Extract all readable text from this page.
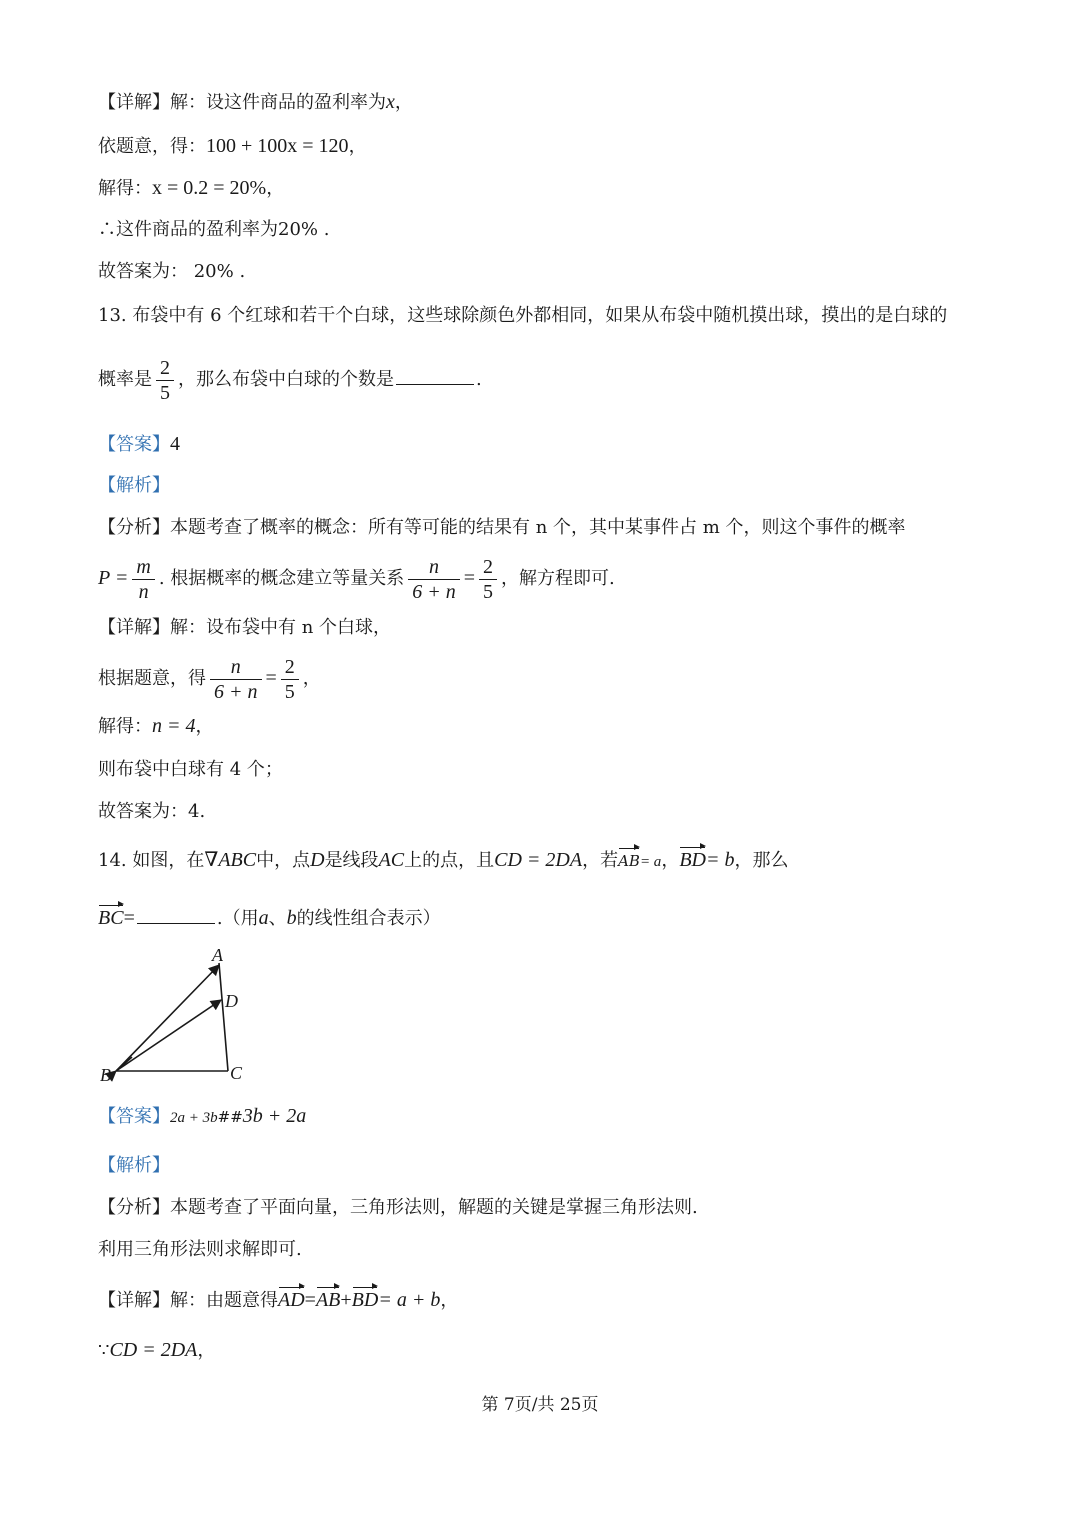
【详解】解：设这件商品的盈利率为x，
依题意，得：100 + 100x = 120，
解得：x = 0.2 = 20%，
∴这件商品的盈利率为20% .
故答案为： 20% .
13. 布袋中有 6 个红球和若干个白球，这些球除颜色外都相同，如果从布袋中随机摸出球，摸出的是白球的
概率是 $\frac{2}{5}$ ，那么布袋中白球的个数是	.
【答案】4
【解析】
【分析】本题考查了概率的概念：所有等可能的结果有 n 个，其中某事件占 m 个，则这个事件的概率
$P = \frac{m}{n}$ . 根据概率的概念建立等量关系 $\frac{n}{6 + n} = \frac{2}{5}$ ，解方程即可.
【详解】解：设布袋中有 n 个白球，
根据题意，得 $\frac{n}{6 + n} = \frac{2}{5}$ ，
解得：n = 4，
则布袋中白球有 4 个；
故答案为：4.
14. 如图，在∇ABC中，点D是线段AC上的点，且CD = 2DA，若AB= a，BD= b，那么
BC=	.（用a、b的线性组合表示）
A
D
B	C
【答案】2a + 3b##3b + 2a
【解析】
【分析】本题考查了平面向量，三角形法则，解题的关键是掌握三角形法则.
利用三角形法则求解即可.
【详解】解：由题意得AD=AB+BD= a + b，
∵CD = 2DA，
第 7页/共 25页
